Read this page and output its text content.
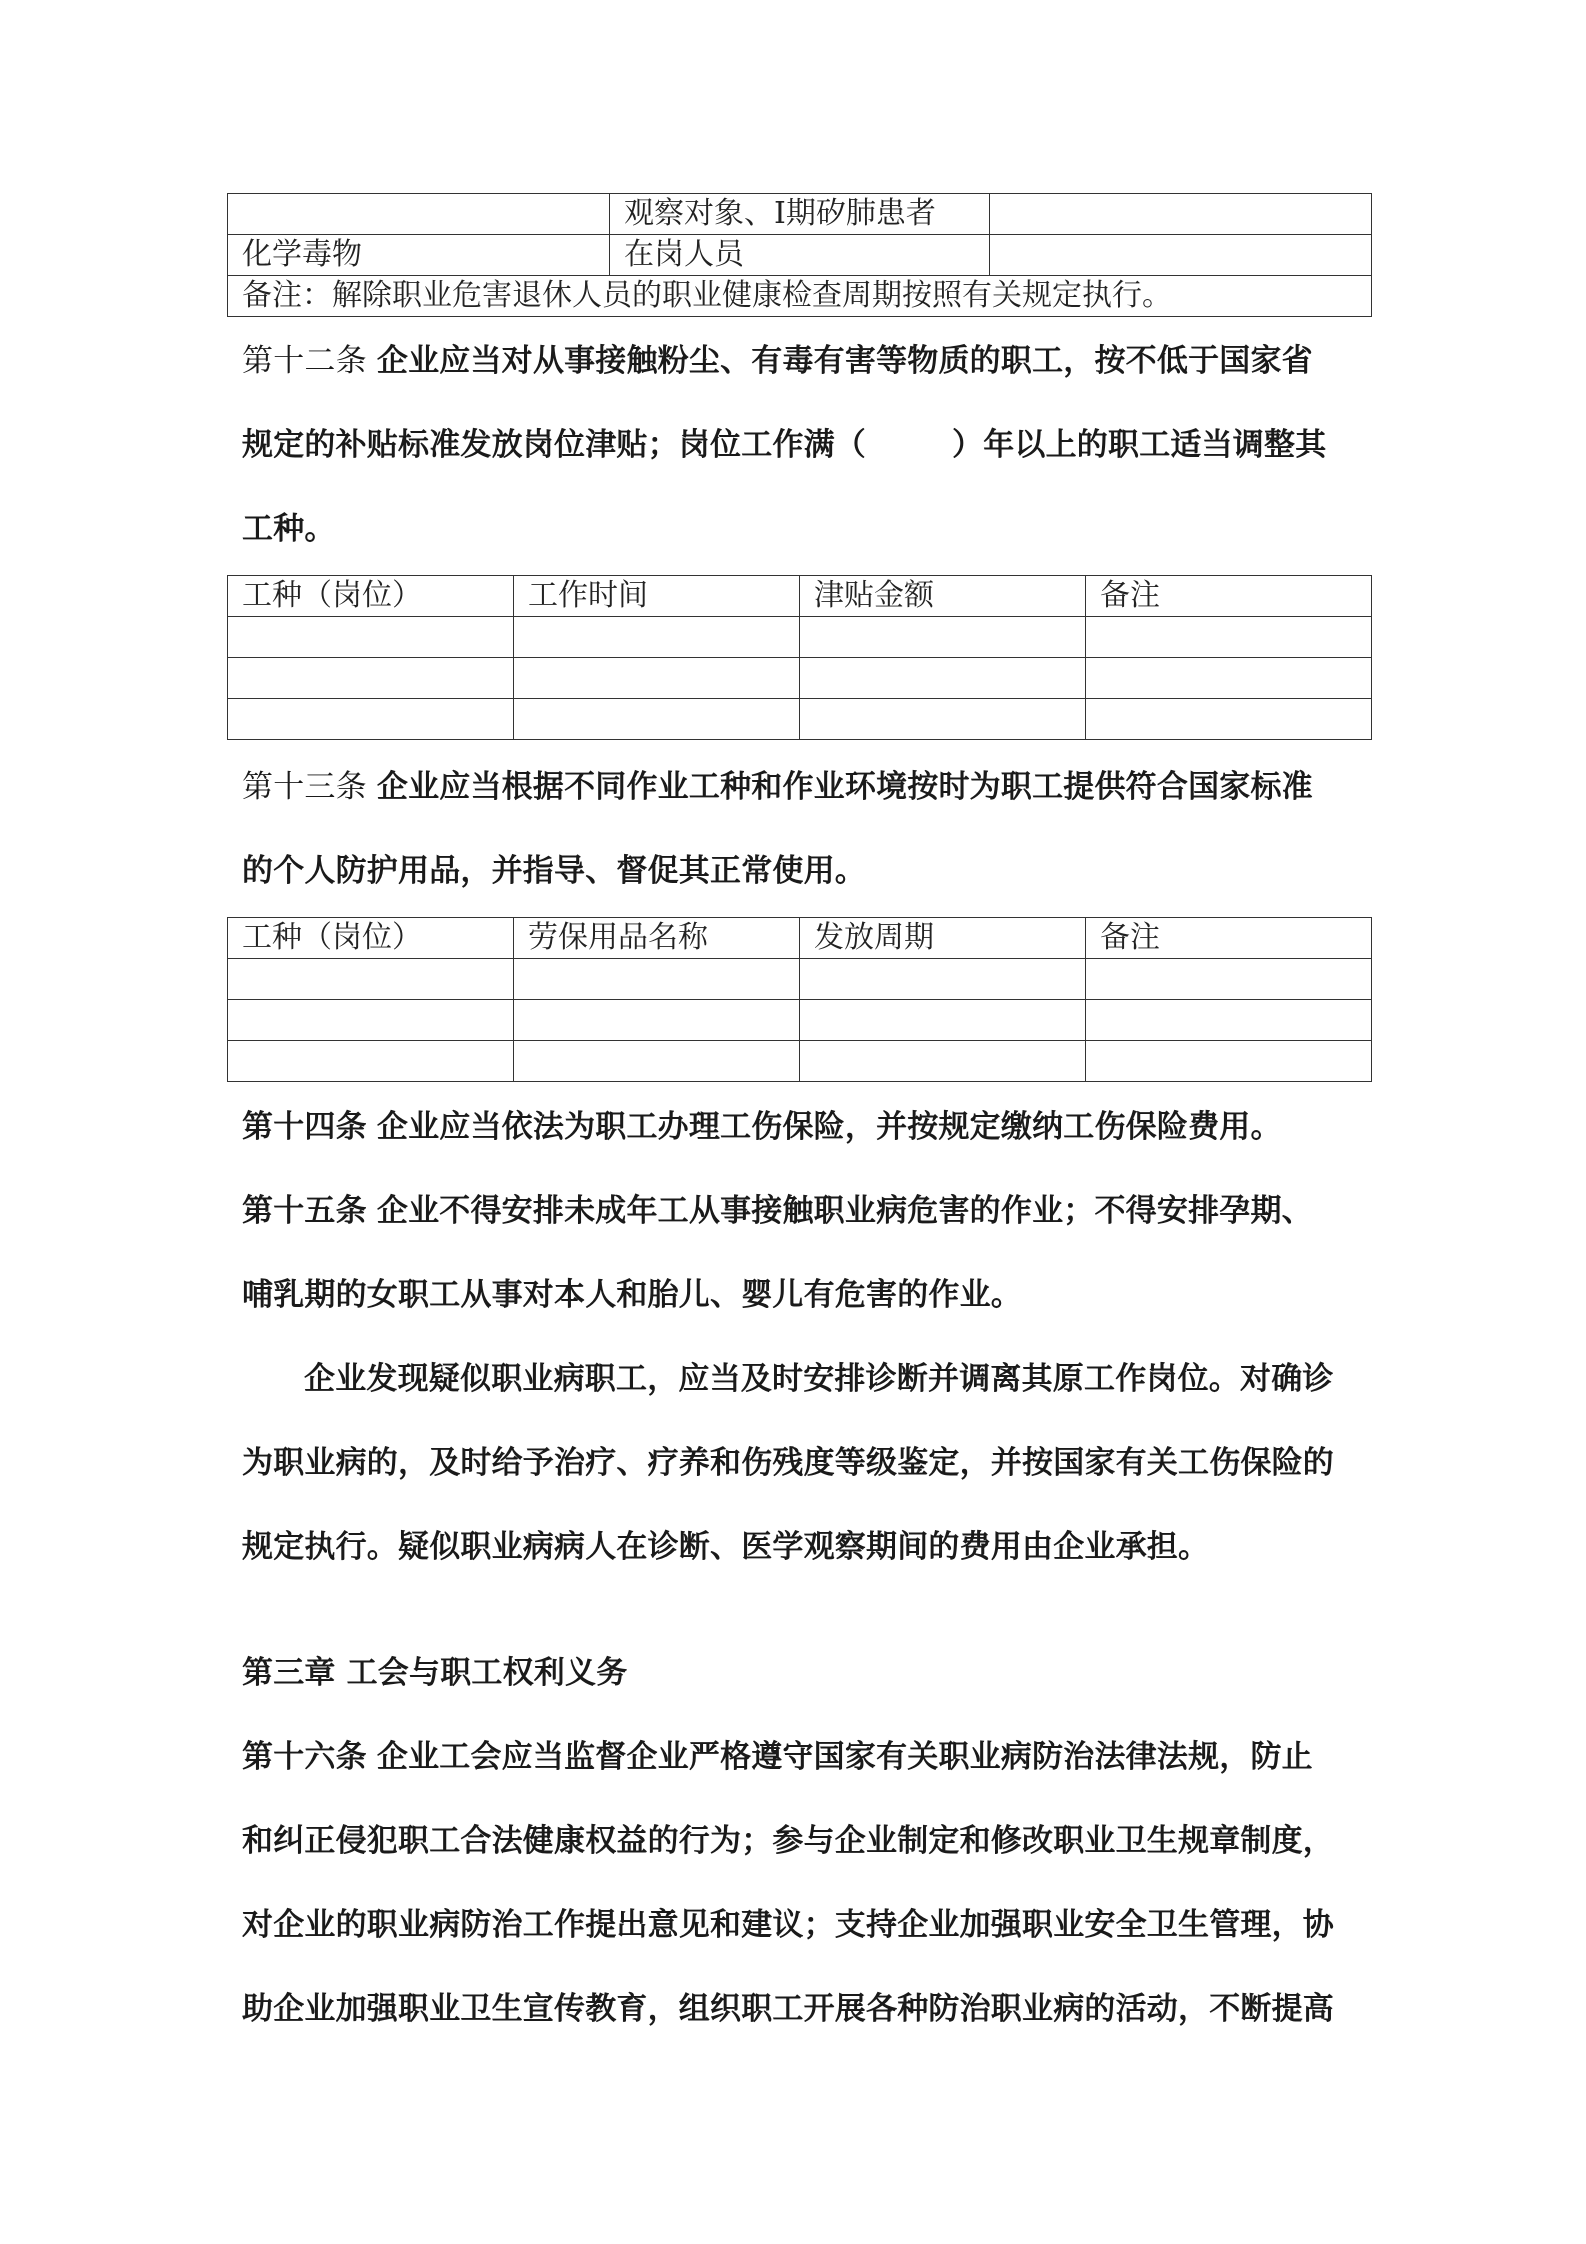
	观察对象、Ⅰ期矽肺患者	
化学毒物	在岗人员	
备注：解除职业危害退休人员的职业健康检查周期按照有关规定执行。		

第十二条 企业应当对从事接触粉尘、有毒有害等物质的职工，按不低于国家省
规定的补贴标准发放岗位津贴；岗位工作满（	）年以上的职工适当调整其
工种。

工种（岗位）	工作时间	津贴金额	备注

第十三条 企业应当根据不同作业工种和作业环境按时为职工提供符合国家标准
的个人防护用品，并指导、督促其正常使用。

工种（岗位）	劳保用品名称	发放周期	备注

第十四条 企业应当依法为职工办理工伤保险，并按规定缴纳工伤保险费用。

第十五条 企业不得安排未成年工从事接触职业病危害的作业；不得安排孕期、
哺乳期的女职工从事对本人和胎儿、婴儿有危害的作业。
企业发现疑似职业病职工，应当及时安排诊断并调离其原工作岗位。对确诊
为职业病的，及时给予治疗、疗养和伤残度等级鉴定，并按国家有关工伤保险的
规定执行。疑似职业病病人在诊断、医学观察期间的费用由企业承担。

第三章 工会与职工权利义务

第十六条 企业工会应当监督企业严格遵守国家有关职业病防治法律法规，防止
和纠正侵犯职工合法健康权益的行为；参与企业制定和修改职业卫生规章制度，
对企业的职业病防治工作提出意见和建议；支持企业加强职业安全卫生管理，协
助企业加强职业卫生宣传教育，组织职工开展各种防治职业病的活动，不断提高
